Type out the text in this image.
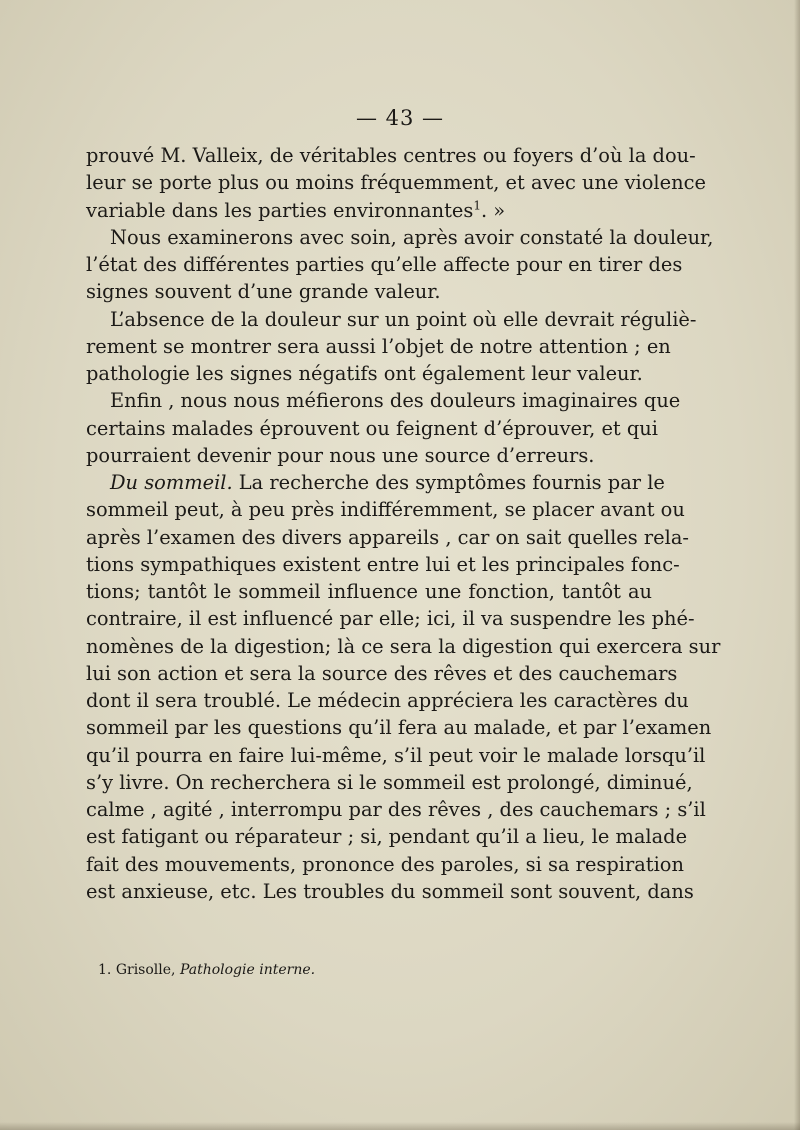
— 43 —
prouvé M. Valleix, de véritables centres ou foyers d’où la dou-
leur se porte plus ou moins fréquemment, et avec une violence
variable dans les parties environnantes$^1$. »
Nous examinerons avec soin, après avoir constaté la douleur,
l’état des différentes parties qu’elle affecte pour en tirer des
signes souvent d’une grande valeur.
L’absence de la douleur sur un point où elle devrait réguliè-
rement se montrer sera aussi l’objet de notre attention ; en
pathologie les signes négatifs ont également leur valeur.
Enfin , nous nous méfierons des douleurs imaginaires que
certains malades éprouvent ou feignent d’éprouver, et qui
pourraient devenir pour nous une source d’erreurs.
Du sommeil. La recherche des symptômes fournis par le
sommeil peut, à peu près indifféremment, se placer avant ou
après l’examen des divers appareils , car on sait quelles rela-
tions sympathiques existent entre lui et les principales fonc-
tions; tantôt le sommeil influence une fonction, tantôt au
contraire, il est influencé par elle; ici, il va suspendre les phé-
nomènes de la digestion; là ce sera la digestion qui exercera sur
lui son action et sera la source des rêves et des cauchemars
dont il sera troublé. Le médecin appréciera les caractères du
sommeil par les questions qu’il fera au malade, et par l’examen
qu’il pourra en faire lui-même, s’il peut voir le malade lorsqu’il
s’y livre. On recherchera si le sommeil est prolongé, diminué,
calme , agité , interrompu par des rêves , des cauchemars ; s’il
est fatigant ou réparateur ; si, pendant qu’il a lieu, le malade
fait des mouvements, prononce des paroles, si sa respiration
est anxieuse, etc. Les troubles du sommeil sont souvent, dans
1. Grisolle, Pathologie interne.
